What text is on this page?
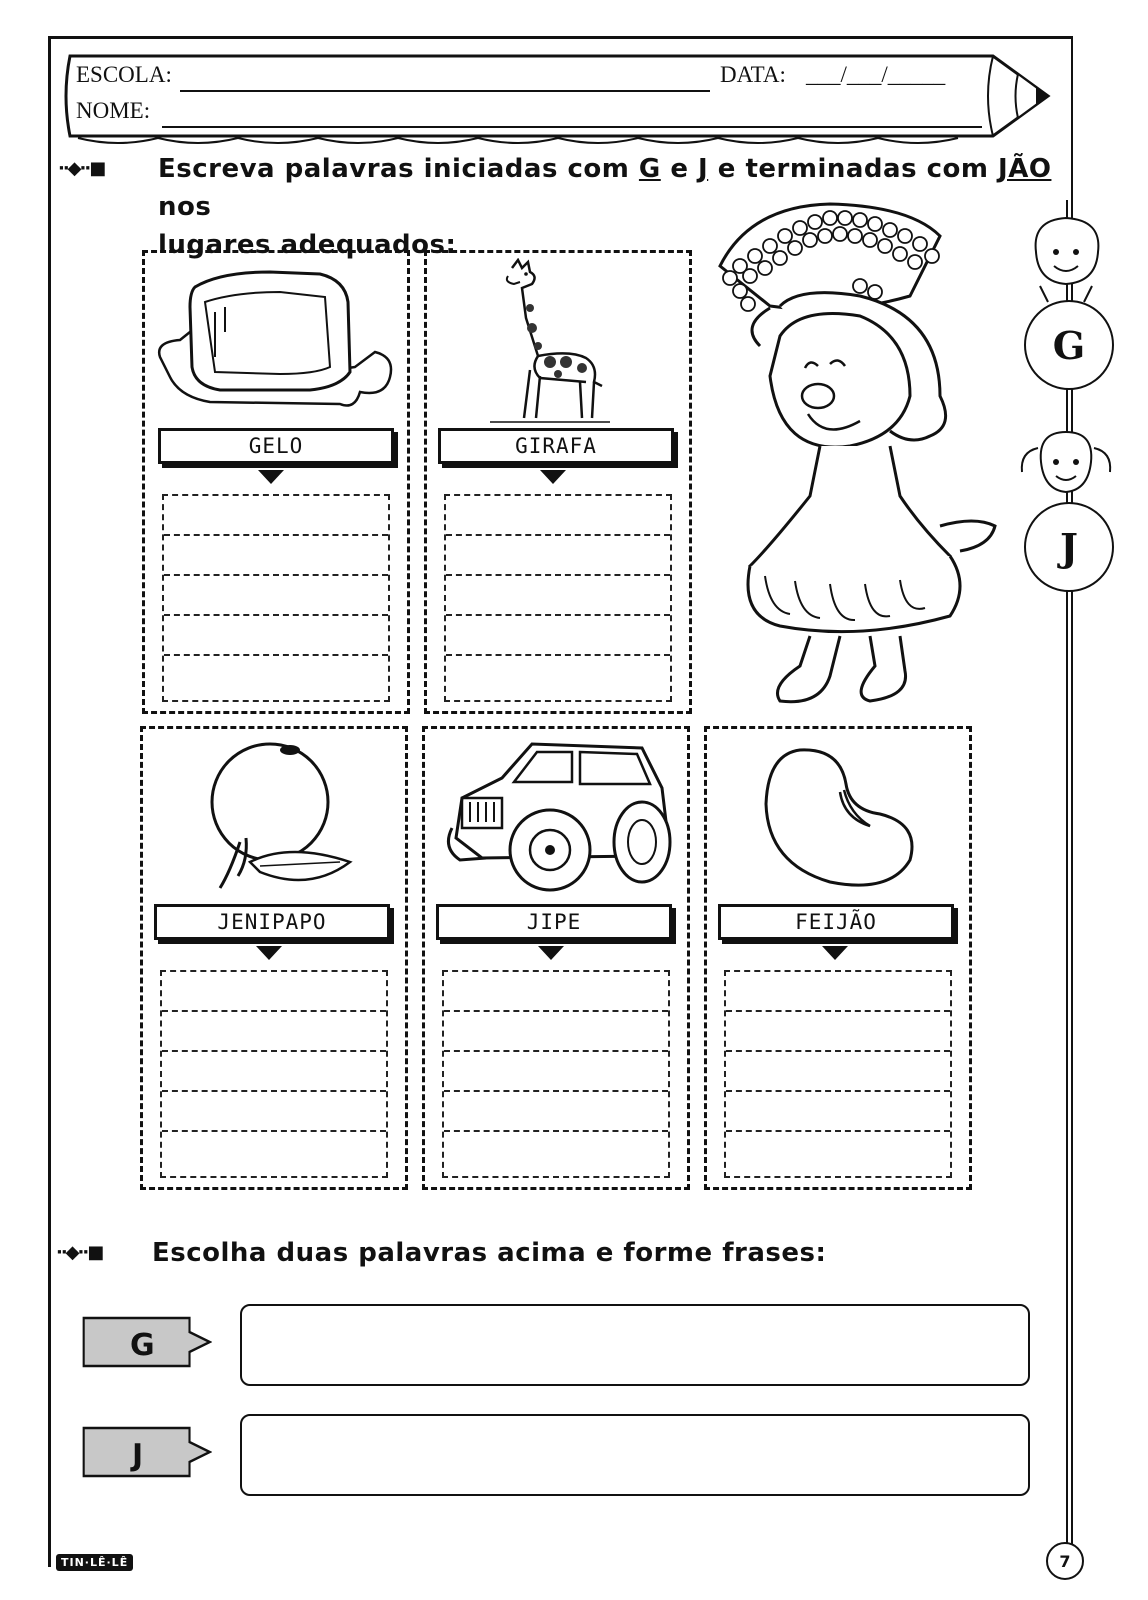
ESCOLA:	DATA: ___/___/_____
NOME:
··◆··■ Escreva palavras iniciadas com G e J e terminadas com JÃO nos
lugares adequados:
GELO	GIRAFA
G
J
JENIPAPO	JIPE	FEIJÃO
··◆··■ Escolha duas palavras acima e forme frases:
G
J
TIN·LÊ·LÊ	7
